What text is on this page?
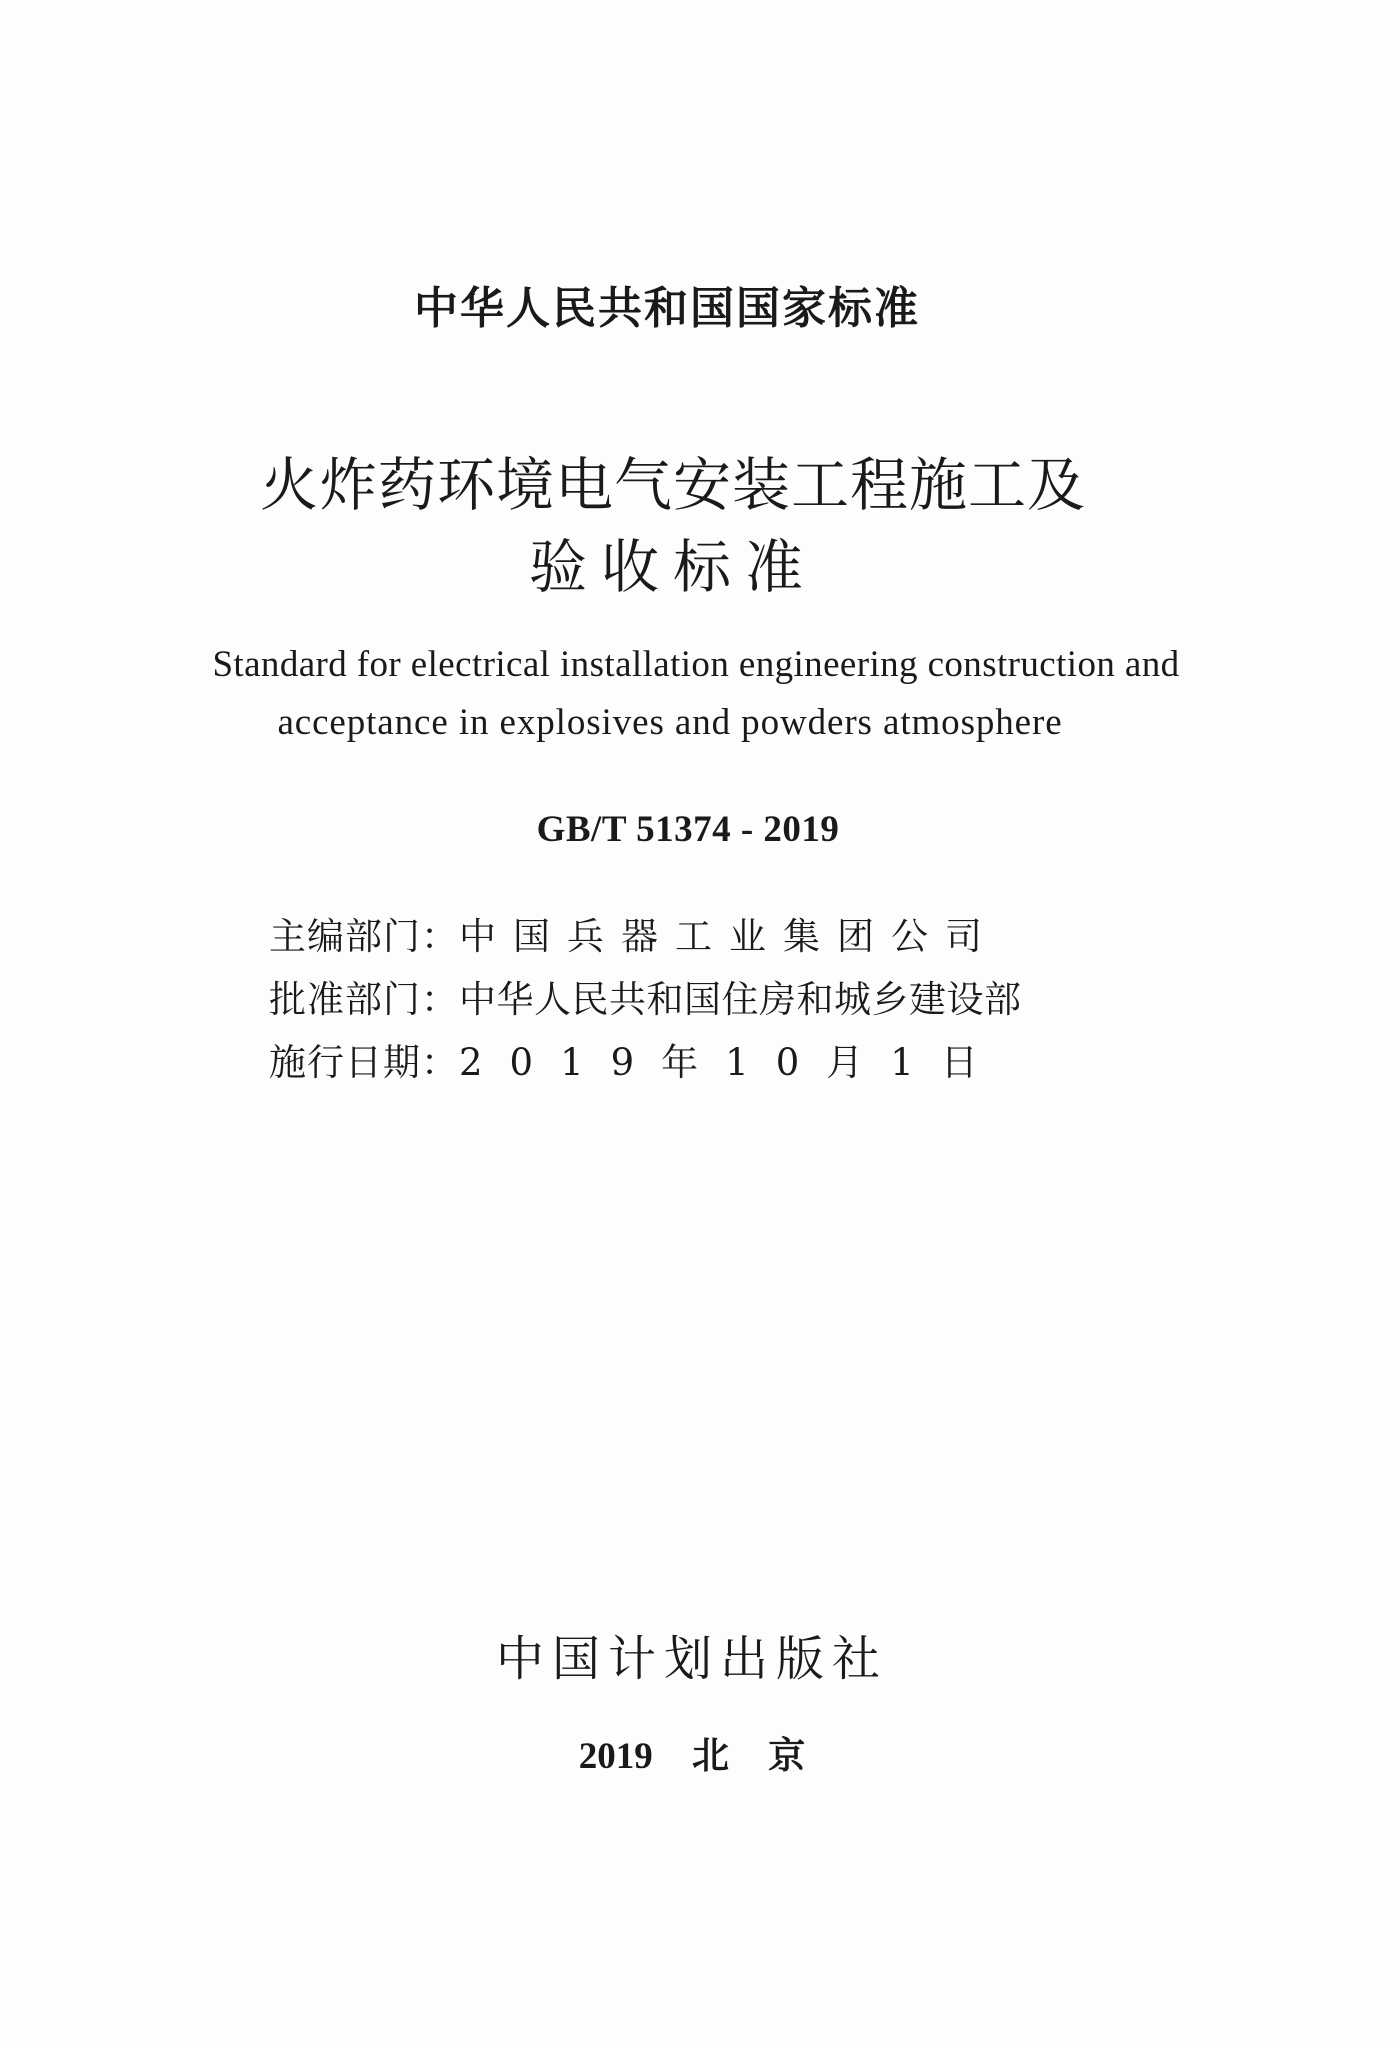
中华人民共和国国家标准
火炸药环境电气安装工程施工及
验收标准
Standard for electrical installation engineering construction and
acceptance in explosives and powders atmosphere
GB/T 51374 - 2019
主编部门：中国兵器工业集团公司
批准部门：中华人民共和国住房和城乡建设部
施行日期：2019年10月1日
中国计划出版社
2019 北 京
